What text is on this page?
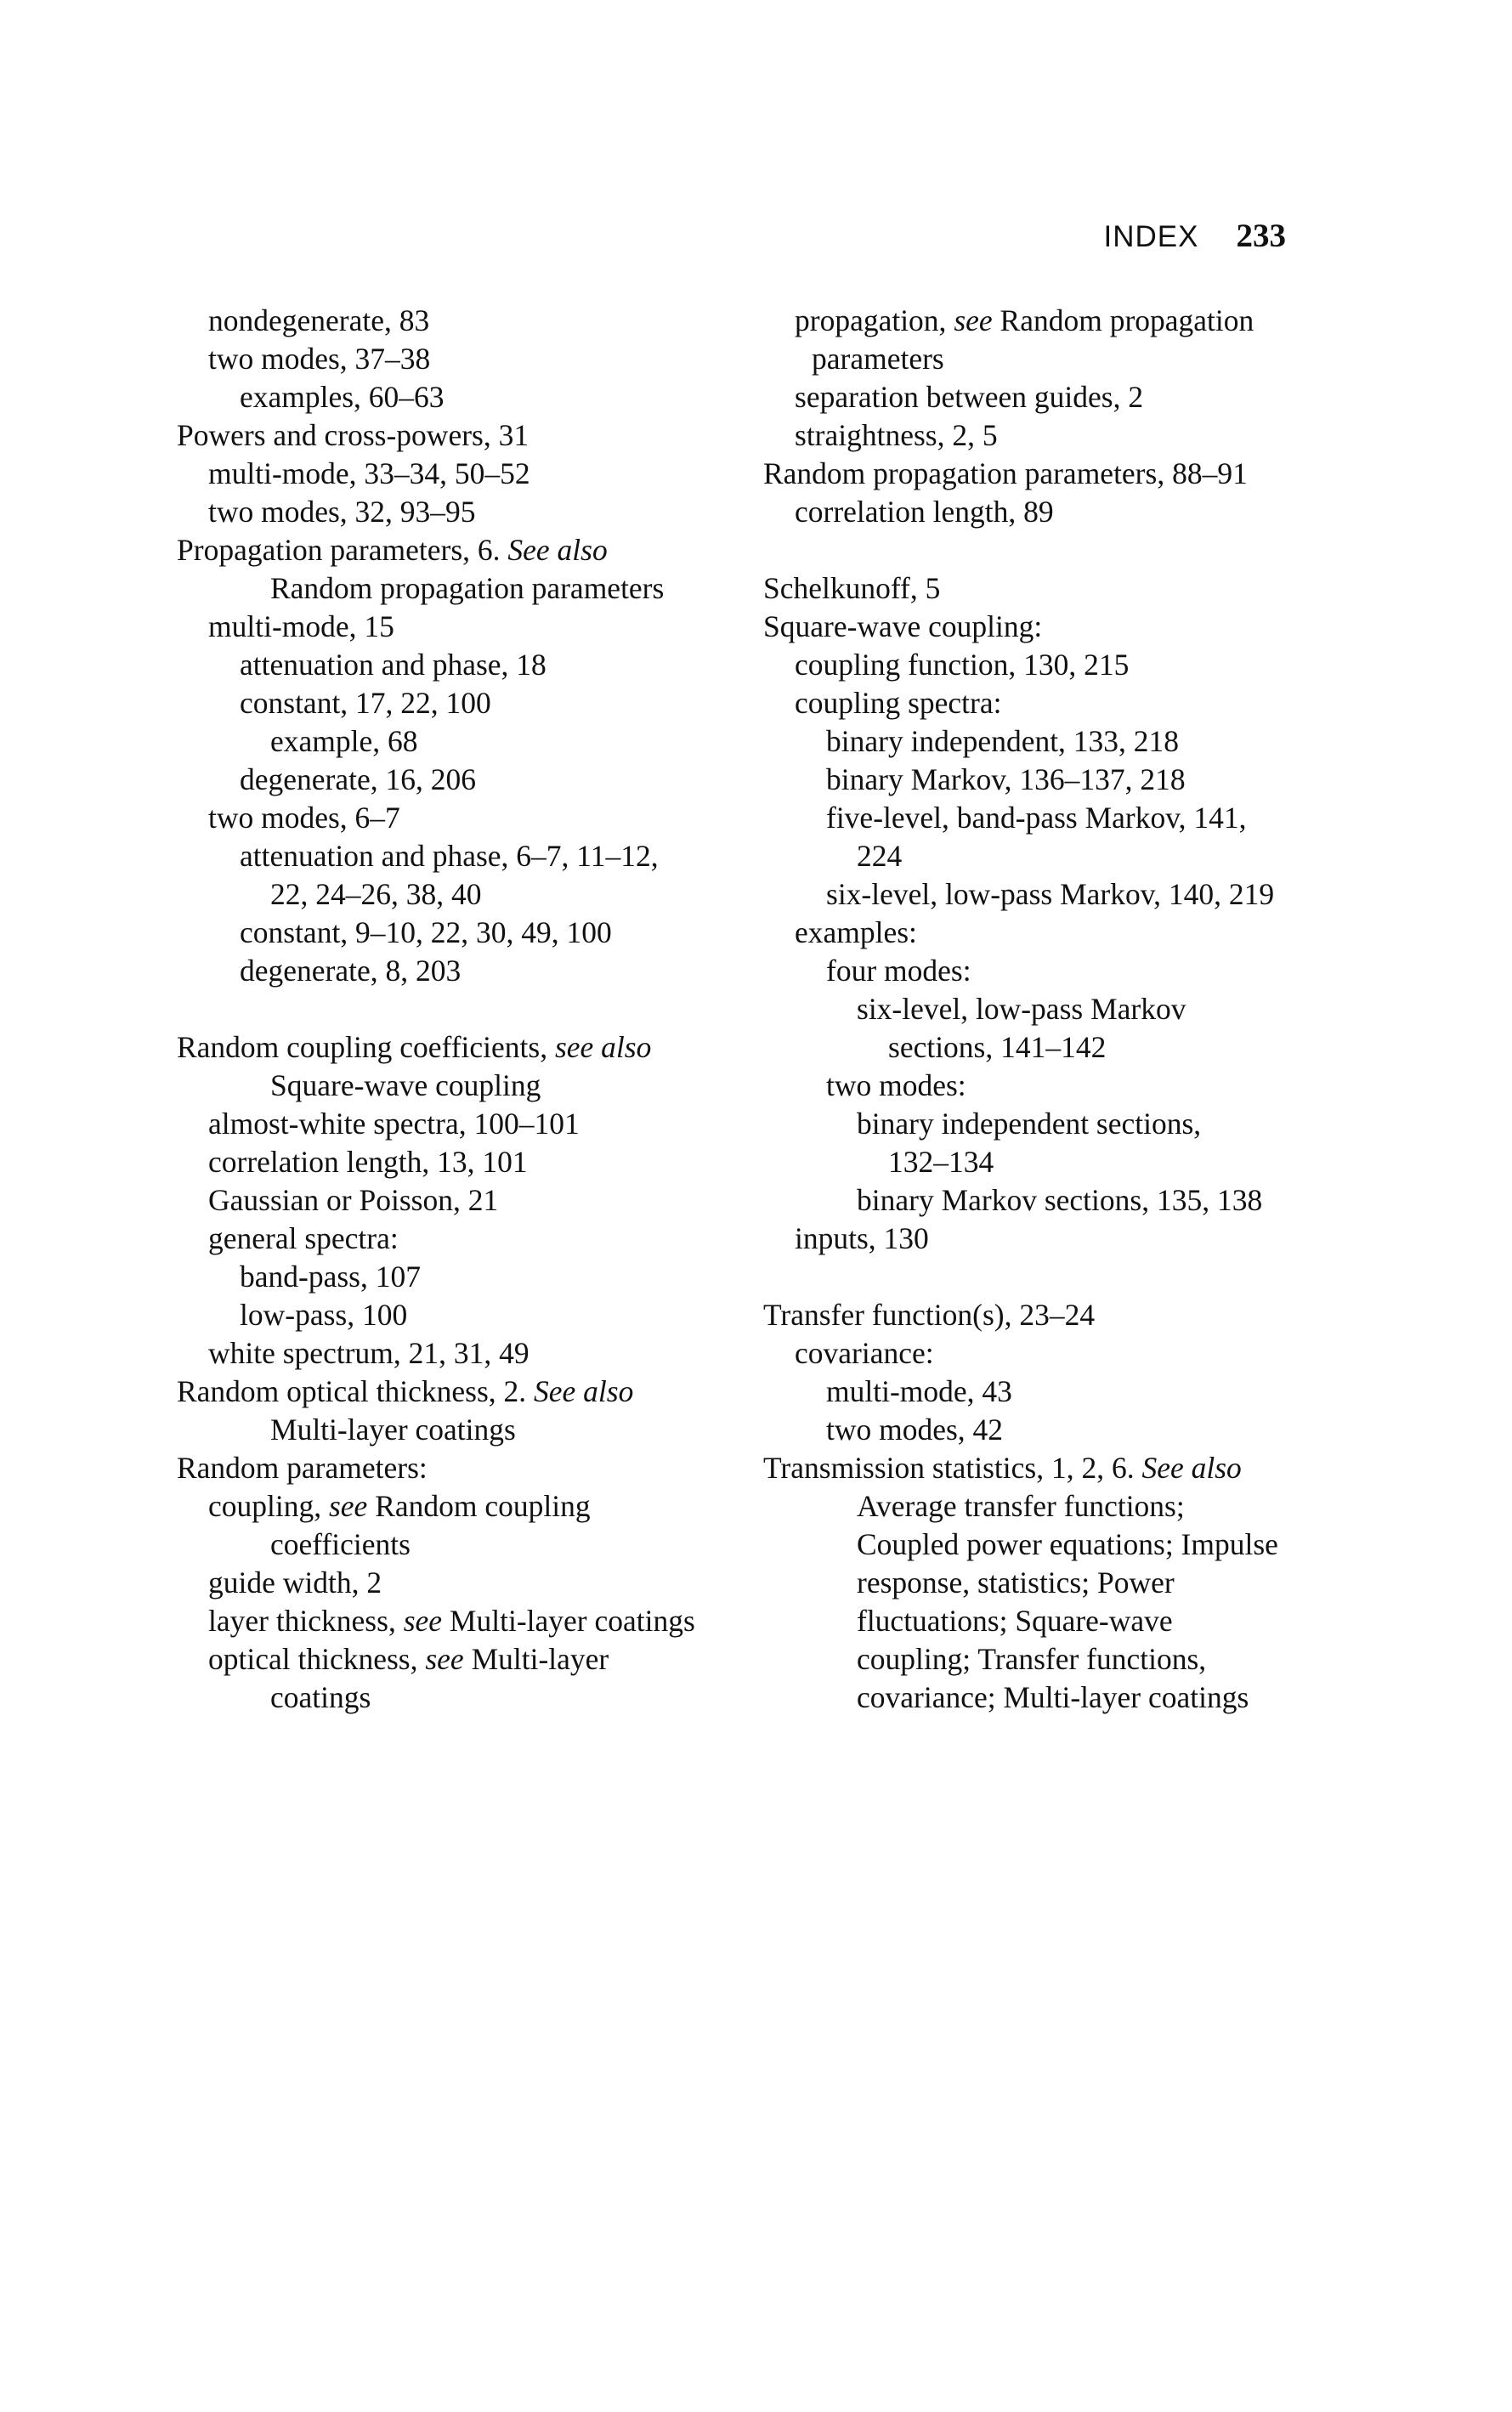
INDEX 233
nondegenerate, 83
two modes, 37–38
examples, 60–63
Powers and cross-powers, 31
multi-mode, 33–34, 50–52
two modes, 32, 93–95
Propagation parameters, 6. See also
Random propagation parameters
multi-mode, 15
attenuation and phase, 18
constant, 17, 22, 100
example, 68
degenerate, 16, 206
two modes, 6–7
attenuation and phase, 6–7, 11–12,
22, 24–26, 38, 40
constant, 9–10, 22, 30, 49, 100
degenerate, 8, 203
Random coupling coefficients, see also
Square-wave coupling
almost-white spectra, 100–101
correlation length, 13, 101
Gaussian or Poisson, 21
general spectra:
band-pass, 107
low-pass, 100
white spectrum, 21, 31, 49
Random optical thickness, 2. See also
Multi-layer coatings
Random parameters:
coupling, see Random coupling
coefficients
guide width, 2
layer thickness, see Multi-layer coatings
optical thickness, see Multi-layer
coatings
propagation, see Random propagation
parameters
separation between guides, 2
straightness, 2, 5
Random propagation parameters, 88–91
correlation length, 89
Schelkunoff, 5
Square-wave coupling:
coupling function, 130, 215
coupling spectra:
binary independent, 133, 218
binary Markov, 136–137, 218
five-level, band-pass Markov, 141,
224
six-level, low-pass Markov, 140, 219
examples:
four modes:
six-level, low-pass Markov
sections, 141–142
two modes:
binary independent sections,
132–134
binary Markov sections, 135, 138
inputs, 130
Transfer function(s), 23–24
covariance:
multi-mode, 43
two modes, 42
Transmission statistics, 1, 2, 6. See also
Average transfer functions;
Coupled power equations; Impulse
response, statistics; Power
fluctuations; Square-wave
coupling; Transfer functions,
covariance; Multi-layer coatings
